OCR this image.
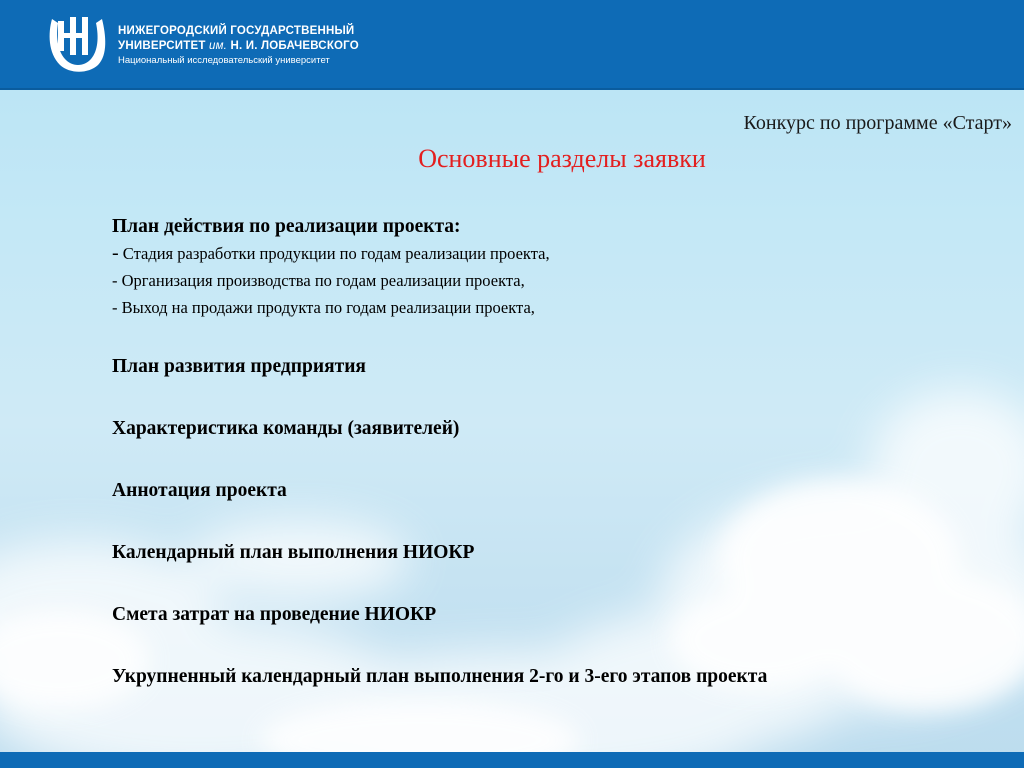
НИЖЕГОРОДСКИЙ ГОСУДАРСТВЕННЫЙ
УНИВЕРСИТЕТ им. Н. И. ЛОБАЧЕВСКОГО
Национальный исследовательский университет
Конкурс по программе «Старт»
Основные разделы заявки

План действия по реализации проекта:

- Стадия разработки продукции по годам реализации проекта,
- Организация производства по годам реализации проекта,
- Выход на продажи продукта по годам реализации проекта,

План развития предприятия

Характеристика команды (заявителей)

Аннотация проекта

Календарный план выполнения НИОКР

Смета затрат на проведение НИОКР

Укрупненный календарный план выполнения 2-го и 3-его этапов проекта
